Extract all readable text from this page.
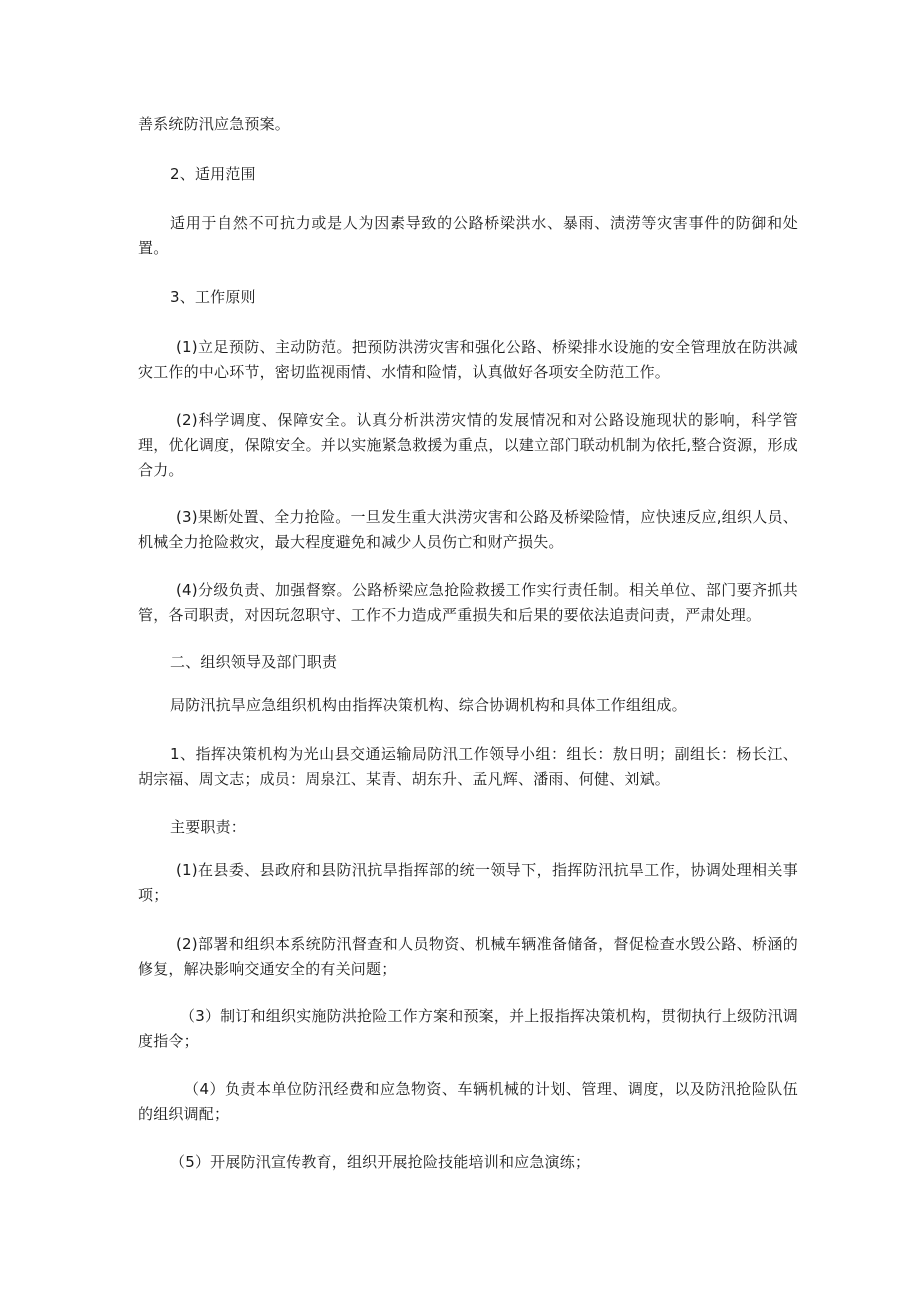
善系统防汛应急预案。

2、适用范围

适用于自然不可抗力或是人为因素导致的公路桥梁洪水、暴雨、渍涝等灾害事件的防御和处置。

3、工作原则

(1)立足预防、主动防范。把预防洪涝灾害和强化公路、桥梁排水设施的安全管理放在防洪减灾工作的中心环节，密切监视雨情、水情和险情，认真做好各项安全防范工作。

(2)科学调度、保障安全。认真分析洪涝灾情的发展情况和对公路设施现状的影响，科学管理，优化调度，保隙安全。并以实施紧急救援为重点，以建立部门联动机制为依托,整合资源，形成合力。

(3)果断处置、全力抢险。一旦发生重大洪涝灾害和公路及桥梁险情，应快速反应,组织人员、机械全力抢险救灾，最大程度避免和减少人员伤亡和财产损失。

(4)分级负责、加强督察。公路桥梁应急抢险救援工作实行责任制。相关单位、部门要齐抓共管，各司职责，对因玩忽职守、工作不力造成严重损失和后果的要依法追责问责，严肃处理。

二、组织领导及部门职责

局防汛抗旱应急组织机构由指挥决策机构、综合协调机构和具体工作组组成。

1、指挥决策机构为光山县交通运输局防汛工作领导小组：组长：敖日明；副组长：杨长江、胡宗福、周文志；成员：周泉江、某青、胡东升、孟凡辉、潘雨、何健、刘斌。

主要职责：

(1)在县委、县政府和县防汛抗旱指挥部的统一领导下，指挥防汛抗旱工作，协调处理相关事项；

(2)部署和组织本系统防汛督查和人员物资、机械车辆准备储备，督促检查水毁公路、桥涵的修复，解决影响交通安全的有关问题；

（3）制订和组织实施防洪抢险工作方案和预案，并上报指挥决策机构，贯彻执行上级防汛调度指令；

（4）负责本单位防汛经费和应急物资、车辆机械的计划、管理、调度，以及防汛抢险队伍的组织调配；

（5）开展防汛宣传教育，组织开展抢险技能培训和应急演练；
